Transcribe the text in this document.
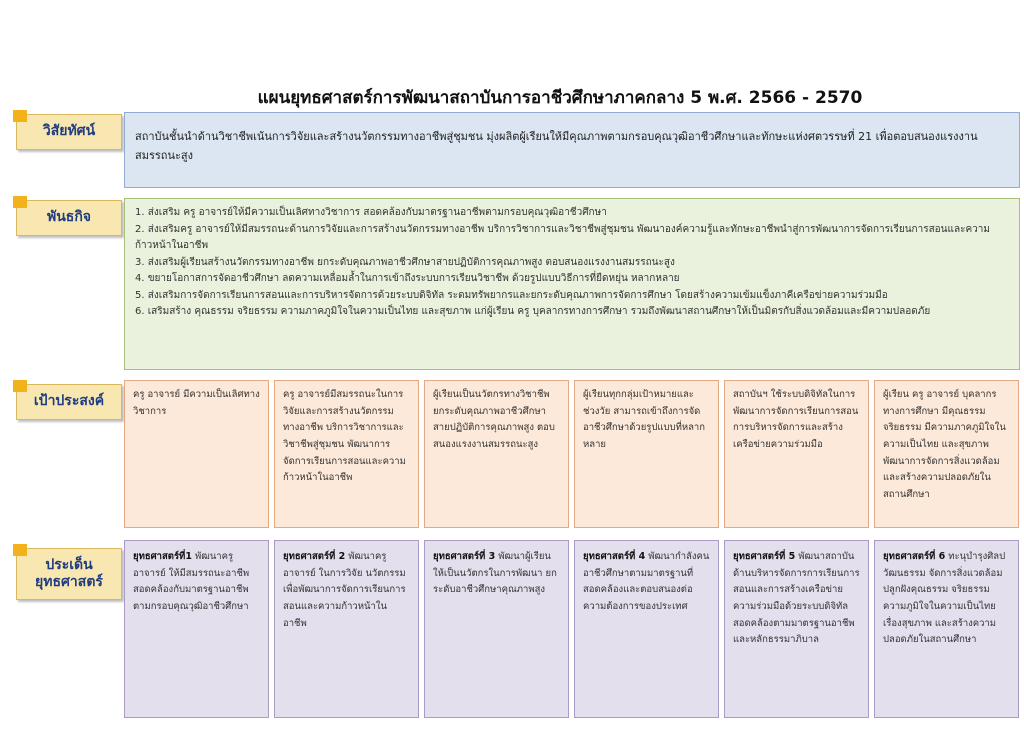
แผนยุทธศาสตร์การพัฒนาสถาบันการอาชีวศึกษาภาคกลาง 5 พ.ศ. 2566 - 2570
วิสัยทัศน์	สถาบันชั้นนำด้านวิชาชีพเน้นการวิจัยและสร้างนวัตกรรมทางอาชีพสู่ชุมชน มุ่งผลิตผู้เรียนให้มีคุณภาพตามกรอบคุณวุฒิอาชีวศึกษาและทักษะแห่งศตวรรษที่ 21 เพื่อตอบสนองแรงงานสมรรถนะสูง
พันธกิจ	1. ส่งเสริม ครู อาจารย์ให้มีความเป็นเลิศทางวิชาการ สอดคล้องกับมาตรฐานอาชีพตามกรอบคุณวุฒิอาชีวศึกษา
2. ส่งเสริมครู อาจารย์ให้มีสมรรถนะด้านการวิจัยและการสร้างนวัตกรรมทางอาชีพ บริการวิชาการและวิชาชีพสู่ชุมชน พัฒนาองค์ความรู้และทักษะอาชีพนำสู่การพัฒนาการจัดการเรียนการสอนและความก้าวหน้าในอาชีพ
3. ส่งเสริมผู้เรียนสร้างนวัตกรรมทางอาชีพ ยกระดับคุณภาพอาชีวศึกษาสายปฏิบัติการคุณภาพสูง ตอบสนองแรงงานสมรรถนะสูง
4. ขยายโอกาสการจัดอาชีวศึกษา ลดความเหลื่อมล้ำในการเข้าถึงระบบการเรียนวิชาชีพ ด้วยรูปแบบวิธีการที่ยืดหยุ่น หลากหลาย
5. ส่งเสริมการจัดการเรียนการสอนและการบริหารจัดการด้วยระบบดิจิทัล ระดมทรัพยากรและยกระดับคุณภาพการจัดการศึกษา โดยสร้างความเข้มแข็งภาคีเครือข่ายความร่วมมือ
6. เสริมสร้าง คุณธรรม จริยธรรม ความภาคภูมิใจในความเป็นไทย และสุขภาพ แก่ผู้เรียน ครู บุคลากรทางการศึกษา รวมถึงพัฒนาสถานศึกษาให้เป็นมิตรกับสิ่งแวดล้อมและมีความปลอดภัย
เป้าประสงค์	ครู อาจารย์ มีความเป็นเลิศทางวิชาการ
ครู อาจารย์มีสมรรถนะในการวิจัยและการสร้างนวัตกรรมทางอาชีพ บริการวิชาการและวิชาชีพสู่ชุมชน พัฒนาการจัดการเรียนการสอนและความก้าวหน้าในอาชีพ
ผู้เรียนเป็นนวัตกรทางวิชาชีพยกระดับคุณภาพอาชีวศึกษาสายปฏิบัติการคุณภาพสูง ตอบสนองแรงงานสมรรถนะสูง
ผู้เรียนทุกกลุ่มเป้าหมายและช่วงวัย สามารถเข้าถึงการจัดอาชีวศึกษาด้วยรูปแบบที่หลากหลาย
สถาบันฯ ใช้ระบบดิจิทัลในการพัฒนาการจัดการเรียนการสอนการบริหารจัดการและสร้างเครือข่ายความร่วมมือ
ผู้เรียน ครู อาจารย์ บุคลากรทางการศึกษา มีคุณธรรม จริยธรรม มีความภาคภูมิใจในความเป็นไทย และสุขภาพ พัฒนาการจัดการสิ่งแวดล้อมและสร้างความปลอดภัยในสถานศึกษา
ประเด็น
ยุทธศาสตร์
ยุทธศาสตร์ที่1 พัฒนาครู อาจารย์ ให้มีสมรรถนะอาชีพ สอดคล้องกับมาตรฐานอาชีพตามกรอบคุณวุฒิอาชีวศึกษา
ยุทธศาสตร์ที่ 2 พัฒนาครู อาจารย์ ในการวิจัย นวัตกรรมเพื่อพัฒนาการจัดการเรียนการสอนและความก้าวหน้าในอาชีพ
ยุทธศาสตร์ที่ 3 พัฒนาผู้เรียนให้เป็นนวัตกรในการพัฒนา ยกระดับอาชีวศึกษาคุณภาพสูง
ยุทธศาสตร์ที่ 4 พัฒนากำลังคนอาชีวศึกษาตามมาตรฐานที่สอดคล้องและตอบสนองต่อความต้องการของประเทศ
ยุทธศาสตร์ที่ 5 พัฒนาสถาบันด้านบริหารจัดการการเรียนการสอนและการสร้างเครือข่ายความร่วมมือด้วยระบบดิจิทัลสอดคล้องตามมาตรฐานอาชีพและหลักธรรมาภิบาล
ยุทธศาสตร์ที่ 6 ทะนุบำรุงศิลปวัฒนธรรม จัดการสิ่งแวดล้อม ปลูกฝังคุณธรรม จริยธรรม ความภูมิใจในความเป็นไทย เรื่องสุขภาพ และสร้างความปลอดภัยในสถานศึกษา
